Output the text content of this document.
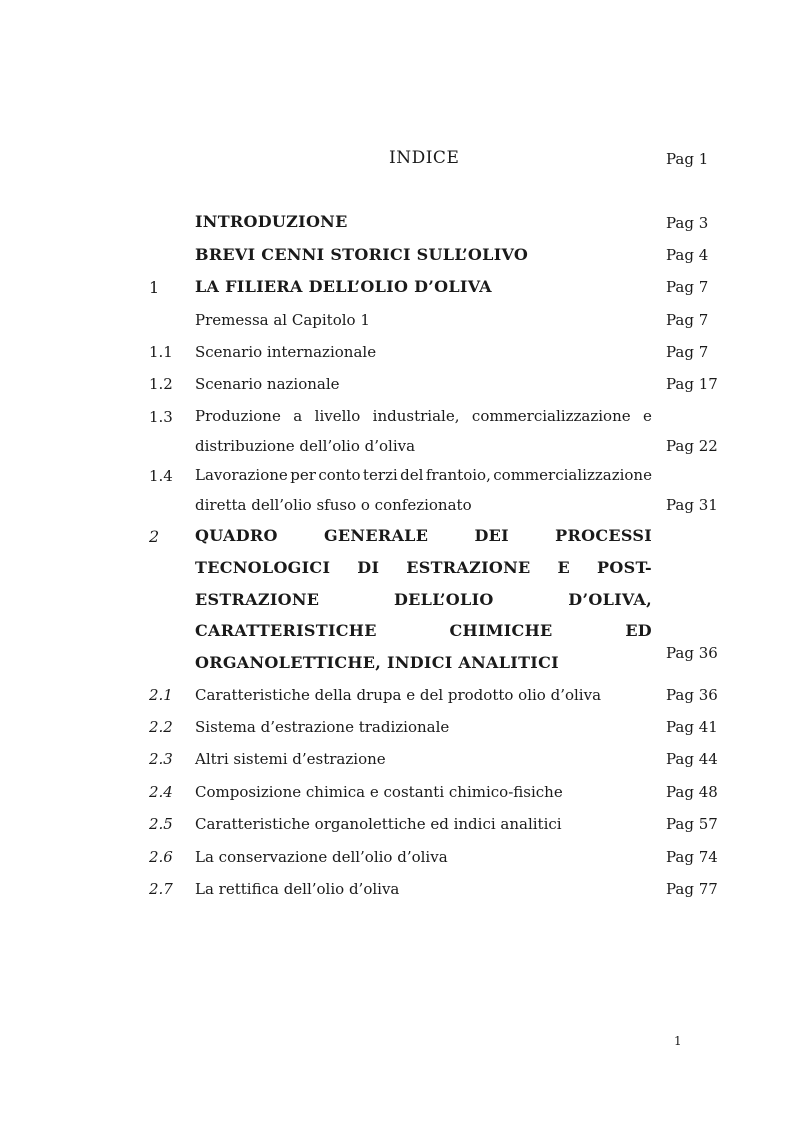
INDICE	Pag 1
INTRODUZIONE	Pag 3
BREVI CENNI STORICI SULL’OLIVO	Pag 4
1 LA FILIERA DELL’OLIO D’OLIVA	Pag 7
Premessa al Capitolo 1	Pag 7
1.1 Scenario internazionale	Pag 7
1.2 Scenario nazionale	Pag 17
1.3 Produzione a livello industriale, commercializzazione e
distribuzione dell’olio d’oliva	Pag 22
1.4 Lavorazione per conto terzi del frantoio, commercializzazione
diretta dell’olio sfuso o confezionato	Pag 31
2 QUADRO	GENERALE	DEI	PROCESSI
TECNOLOGICI DI ESTRAZIONE E POST-
ESTRAZIONE	DELL’OLIO	D’OLIVA,
CARATTERISTICHE	CHIMICHE	ED
ORGANOLETTICHE, INDICI ANALITICI	Pag 36
2.1 Caratteristiche della drupa e del prodotto olio d’oliva	Pag 36
2.2 Sistema d’estrazione tradizionale	Pag 41
2.3 Altri sistemi d’estrazione	Pag 44
2.4 Composizione chimica e costanti chimico-fisiche	Pag 48
2.5 Caratteristiche organolettiche ed indici analitici	Pag 57
2.6 La conservazione dell’olio d’oliva	Pag 74
2.7 La rettifica dell’olio d’oliva	Pag 77
1
